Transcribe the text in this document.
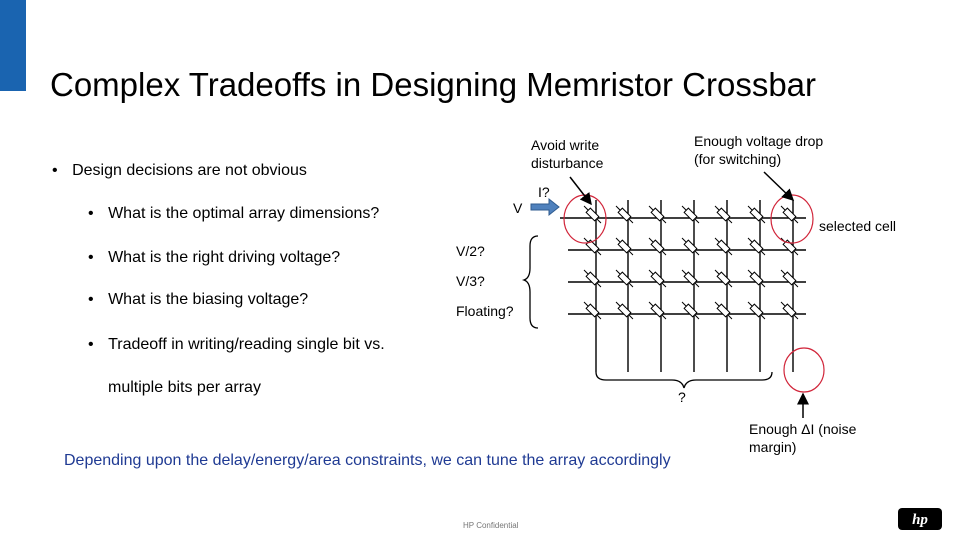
Complex Tradeoffs in Designing Memristor Crossbar
• Design decisions are not obvious
• What is the optimal array dimensions?
• What is the right driving voltage?
• What is the biasing voltage?
• Tradeoff in writing/reading single bit vs.
multiple bits per array
Avoid write disturbance
Enough voltage drop (for switching)
I?
V
selected cell
V/2?
V/3?
Floating?
?
Enough ΔI (noise margin)
Depending upon the delay/energy/area constraints, we can tune the array accordingly
HP Confidential	hp
